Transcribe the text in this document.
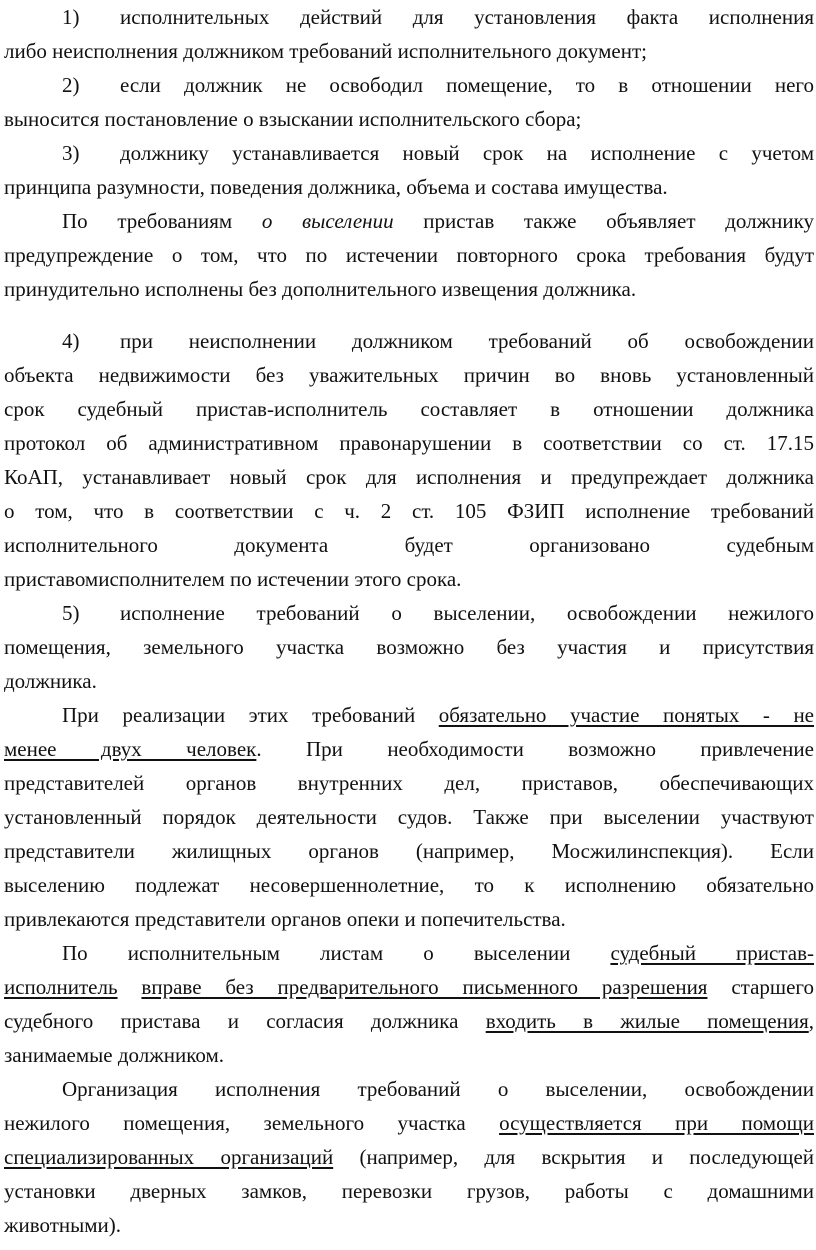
1) исполнительных действий для установления факта исполнения
либо неисполнения должником требований исполнительного документ;
2) если должник не освободил помещение, то в отношении него
выносится постановление о взыскании исполнительского сбора;
3) должнику устанавливается новый срок на исполнение с учетом
принципа разумности, поведения должника, объема и состава имущества.
По требованиям о выселении пристав также объявляет должнику
предупреждение о том, что по истечении повторного срока требования будут
принудительно исполнены без дополнительного извещения должника.
4) при неисполнении должником требований об освобождении
объекта недвижимости без уважительных причин во вновь установленный
срок судебный пристав-исполнитель составляет в отношении должника
протокол об административном правонарушении в соответствии со ст. 17.15
КоАП, устанавливает новый срок для исполнения и предупреждает должника
о том, что в соответствии с ч. 2 ст. 105 ФЗИП исполнение требований
исполнительного документа будет организовано судебным
приставомисполнителем по истечении этого срока.
5) исполнение требований о выселении, освобождении нежилого
помещения, земельного участка возможно без участия и присутствия
должника.
При реализации этих требований обязательно участие понятых - не
менее двух человек. При необходимости возможно привлечение
представителей органов внутренних дел, приставов, обеспечивающих
установленный порядок деятельности судов. Также при выселении участвуют
представители жилищных органов (например, Мосжилинспекция). Если
выселению подлежат несовершеннолетние, то к исполнению обязательно
привлекаются представители органов опеки и попечительства.
По исполнительным листам о выселении судебный пристав-
исполнитель вправе без предварительного письменного разрешения старшего
судебного пристава и согласия должника входить в жилые помещения,
занимаемые должником.
Организация исполнения требований о выселении, освобождении
нежилого помещения, земельного участка осуществляется при помощи
специализированных организаций (например, для вскрытия и последующей
установки дверных замков, перевозки грузов, работы с домашними
животными).
